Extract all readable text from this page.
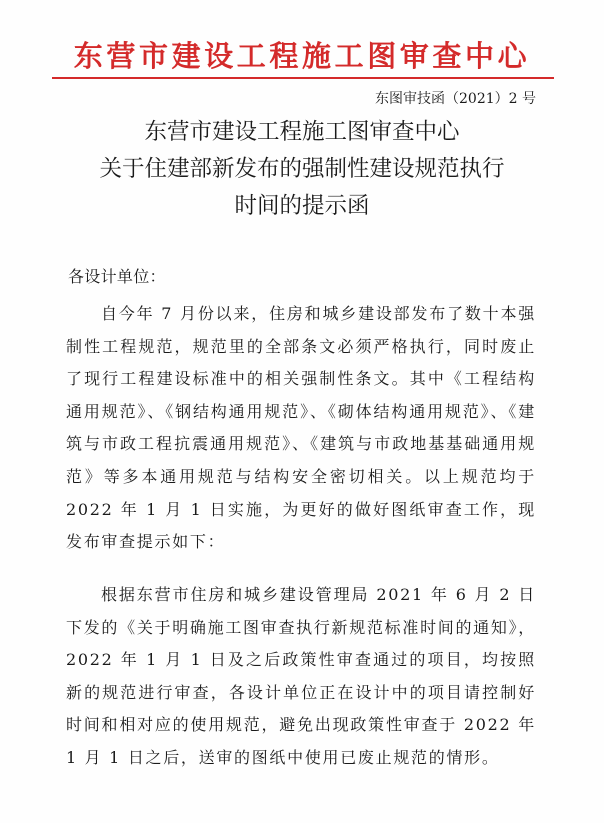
东营市建设工程施工图审查中心
东图审技函（2021）2 号
东营市建设工程施工图审查中心
关于住建部新发布的强制性建设规范执行
时间的提示函
各设计单位：

自今年 7 月份以来，住房和城乡建设部发布了数十本强制性工程规范，规范里的全部条文必须严格执行，同时废止了现行工程建设标准中的相关强制性条文。其中《工程结构通用规范》、《钢结构通用规范》、《砌体结构通用规范》、《建筑与市政工程抗震通用规范》、《建筑与市政地基基础通用规范》等多本通用规范与结构安全密切相关。以上规范均于 2022 年 1 月 1 日实施，为更好的做好图纸审查工作，现发布审查提示如下：

根据东营市住房和城乡建设管理局 2021 年 6 月 2 日下发的《关于明确施工图审查执行新规范标准时间的通知》，2022 年 1 月 1 日及之后政策性审查通过的项目，均按照新的规范进行审查，各设计单位正在设计中的项目请控制好时间和相对应的使用规范，避免出现政策性审查于 2022 年 1 月 1 日之后，送审的图纸中使用已废止规范的情形。
